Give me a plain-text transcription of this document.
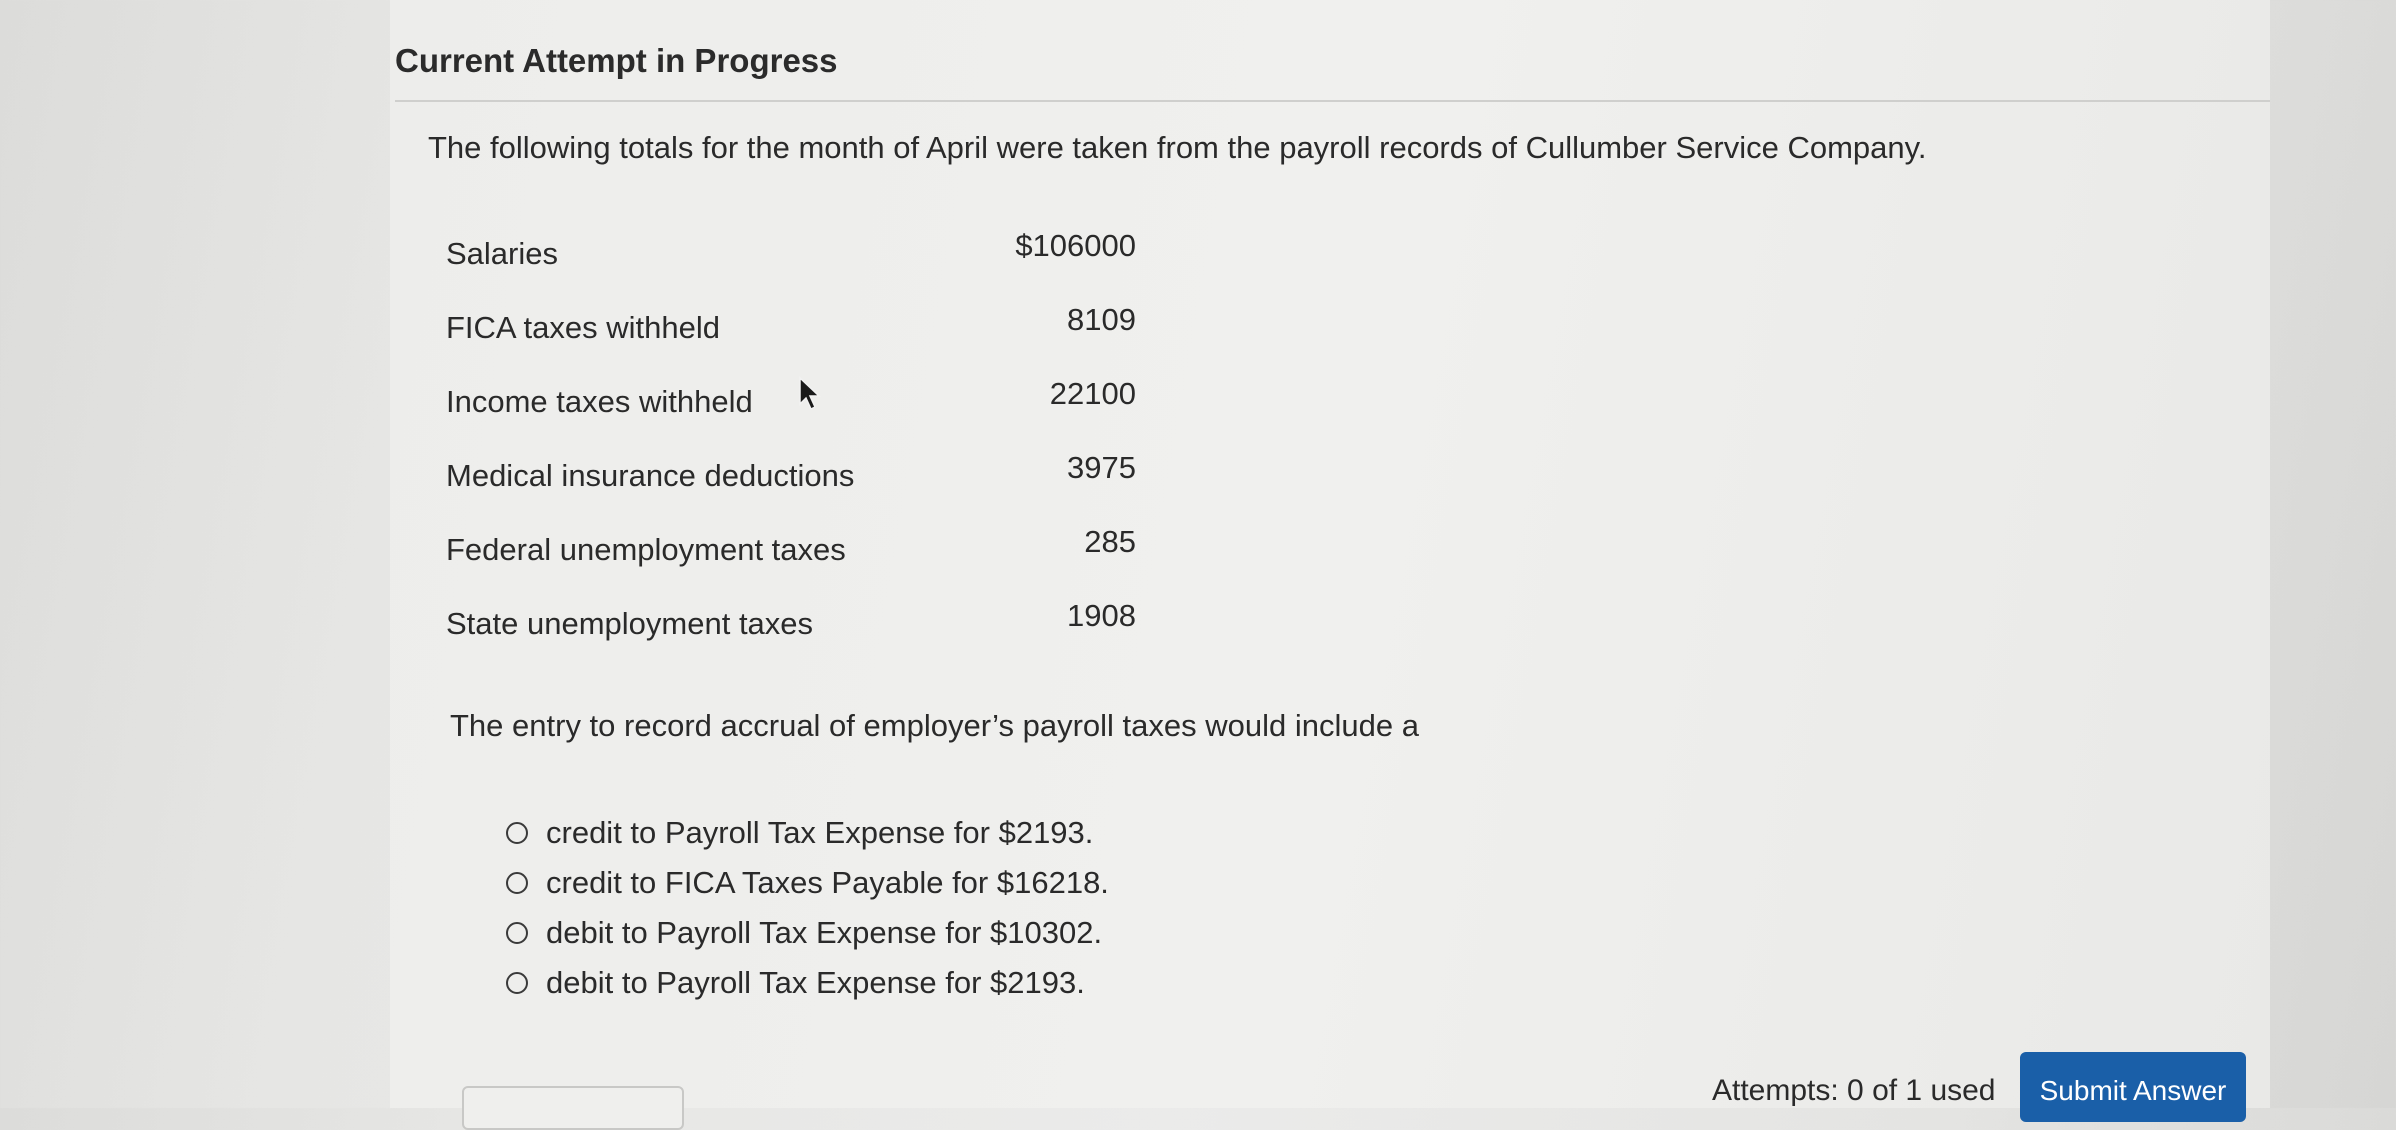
Current Attempt in Progress

The following totals for the month of April were taken from the payroll records of Cullumber Service Company.

Salaries	$106000
FICA taxes withheld	8109
Income taxes withheld	22100
Medical insurance deductions	3975
Federal unemployment taxes	285
State unemployment taxes	1908

The entry to record accrual of employer’s payroll taxes would include a

credit to Payroll Tax Expense for $2193.
credit to FICA Taxes Payable for $16218.
debit to Payroll Tax Expense for $10302.
debit to Payroll Tax Expense for $2193.
Attempts: 0 of 1 used	Submit Answer
